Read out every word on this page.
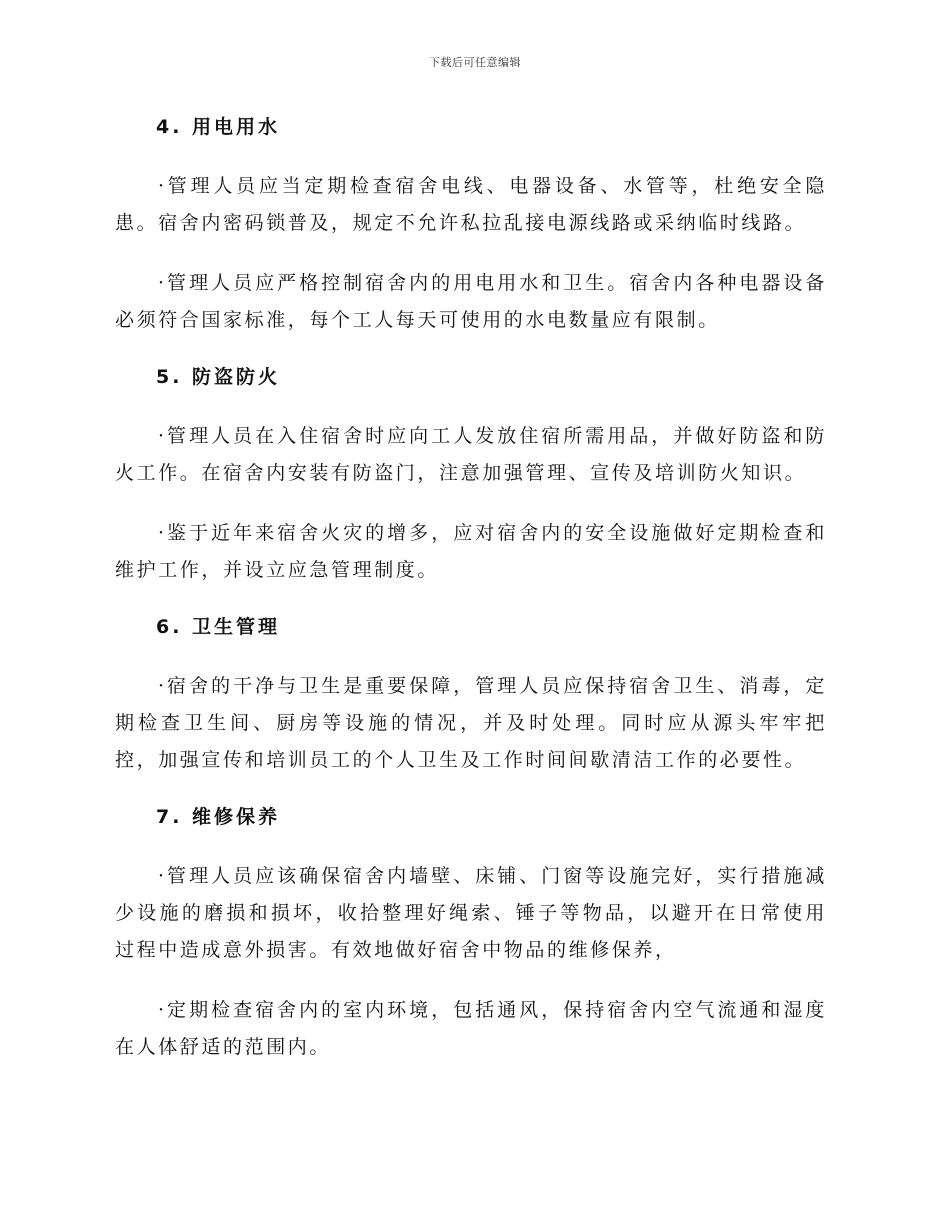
下载后可任意编辑
4. 用电用水

·管理人员应当定期检查宿舍电线、电器设备、水管等，杜绝安全隐患。宿舍内密码锁普及，规定不允许私拉乱接电源线路或采纳临时线路。

·管理人员应严格控制宿舍内的用电用水和卫生。宿舍内各种电器设备必须符合国家标准，每个工人每天可使用的水电数量应有限制。

5. 防盗防火

·管理人员在入住宿舍时应向工人发放住宿所需用品，并做好防盗和防火工作。在宿舍内安装有防盗门，注意加强管理、宣传及培训防火知识。

·鉴于近年来宿舍火灾的增多，应对宿舍内的安全设施做好定期检查和维护工作，并设立应急管理制度。

6. 卫生管理

·宿舍的干净与卫生是重要保障，管理人员应保持宿舍卫生、消毒，定期检查卫生间、厨房等设施的情况，并及时处理。同时应从源头牢牢把控，加强宣传和培训员工的个人卫生及工作时间间歇清洁工作的必要性。

7. 维修保养

·管理人员应该确保宿舍内墙壁、床铺、门窗等设施完好，实行措施减少设施的磨损和损坏，收拾整理好绳索、锤子等物品，以避开在日常使用过程中造成意外损害。有效地做好宿舍中物品的维修保养，

·定期检查宿舍内的室内环境，包括通风，保持宿舍内空气流通和湿度在人体舒适的范围内。
